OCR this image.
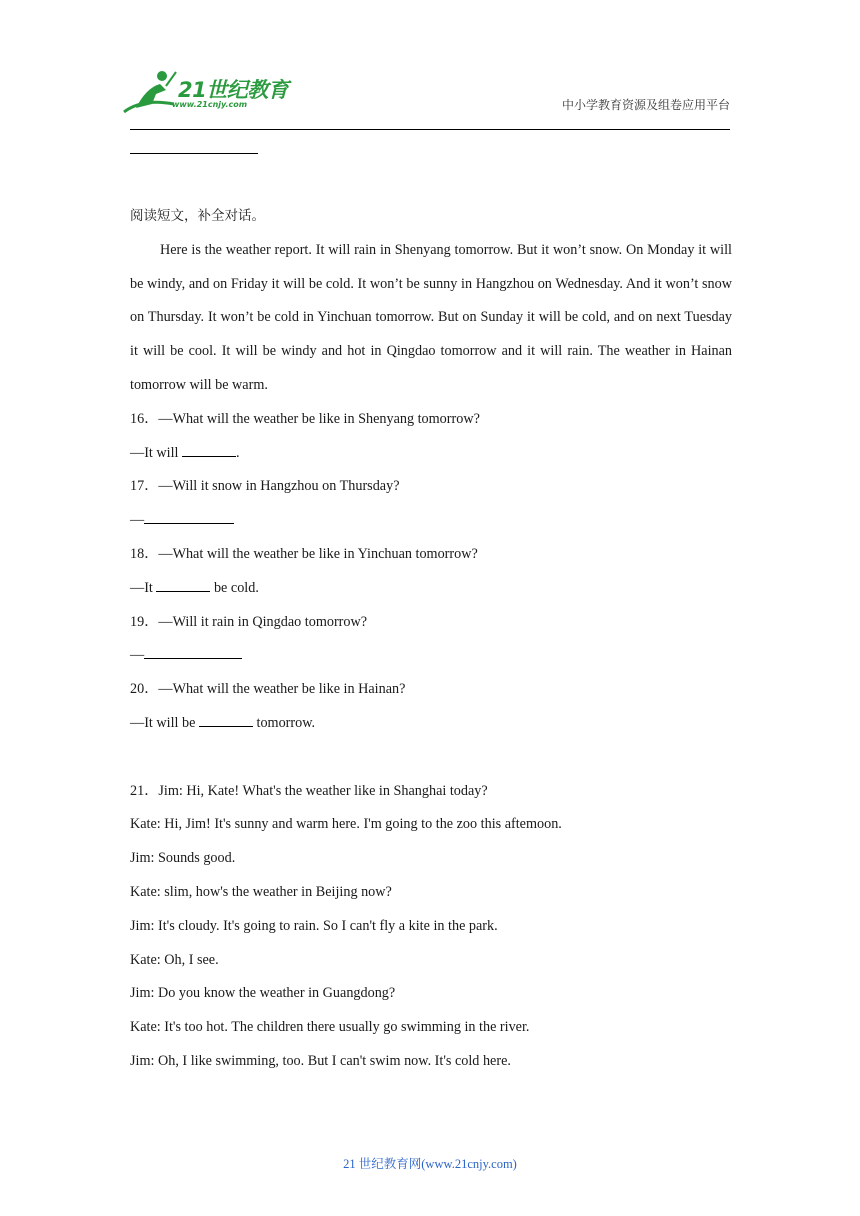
21世纪教育
www.21cnjy.com	中小学教育资源及组卷应用平台

阅读短文，补全对话。

Here is the weather report. It will rain in Shenyang tomorrow. But it won’t snow. On Monday it will be windy, and on Friday it will be cold. It won’t be sunny in Hangzhou on Wednesday. And it won’t snow on Thursday. It won’t be cold in Yinchuan tomorrow. But on Sunday it will be cold, and on next Tuesday it will be cool. It will be windy and hot in Qingdao tomorrow and it will rain. The weather in Hainan tomorrow will be warm.

16．—What will the weather be like in Shenyang tomorrow?

—It will	.

17．—Will it snow in Hangzhou on Thursday?

—

18．—What will the weather be like in Yinchuan tomorrow?

—It	be cold.

19．—Will it rain in Qingdao tomorrow?

—

20．—What will the weather be like in Hainan?

—It will be	tomorrow.

21．Jim: Hi, Kate! What's the weather like in Shanghai today?

Kate: Hi, Jim! It's sunny and warm here. I'm going to the zoo this aftemoon.

Jim: Sounds good.

Kate: slim, how's the weather in Beijing now?

Jim: It's cloudy. It's going to rain. So I can't fly a kite in the park.

Kate: Oh, I see.

Jim: Do you know the weather in Guangdong?

Kate: It's too hot. The children there usually go swimming in the river.

Jim: Oh, I like swimming, too. But I can't swim now. It's cold here.

21 世纪教育网(www.21cnjy.com)
